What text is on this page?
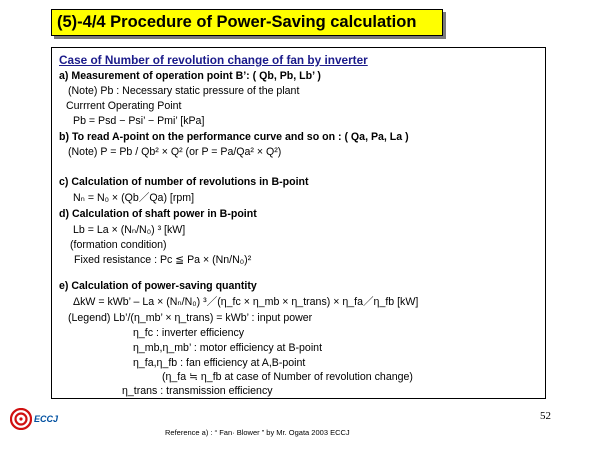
(5)-4/4 Procedure of Power-Saving calculation
Case of Number of revolution change of fan by inverter
a) Measurement of operation point B’: ( Qb, Pb, Lb’ )
(Note) Pb : Necessary static pressure of the plant
Currrent Operating Point
Pb = Psd − Psi’ − Pmi’ [kPa]
b) To read A-point on the performance curve and so on : ( Qa, Pa, La )
(Note) P = Pb / Qb² × Q² (or P = Pa/Qa² × Q²)
c) Calculation of number of revolutions in B-point
Nₙ = N₀ × (Qb／Qa) [rpm]
d) Calculation of shaft power in B-point
Lb = La × (Nₙ/N₀) ³ [kW]
(formation condition)
Fixed resistance : Pc ≦ Pa × (Nn/N₀)²
e) Calculation of power-saving quantity
ΔkW = kWb’ – La × (Nₙ/N₀) ³／(η_fc × η_mb × η_trans) × η_fa／η_fb [kW]
(Legend) Lb’/(η_mb’ × η_trans) = kWb’ : input power
η_fc : inverter efficiency
η_mb,η_mb’ : motor efficiency at B-point
η_fa,η_fb : fan efficiency at A,B-point
(η_fa ≒ η_fb at case of Number of revolution change)
η_trans : transmission efficiency
ECCJ	52
Reference a) : “ Fan· Blower ” by Mr. Ogata 2003 ECCJ
